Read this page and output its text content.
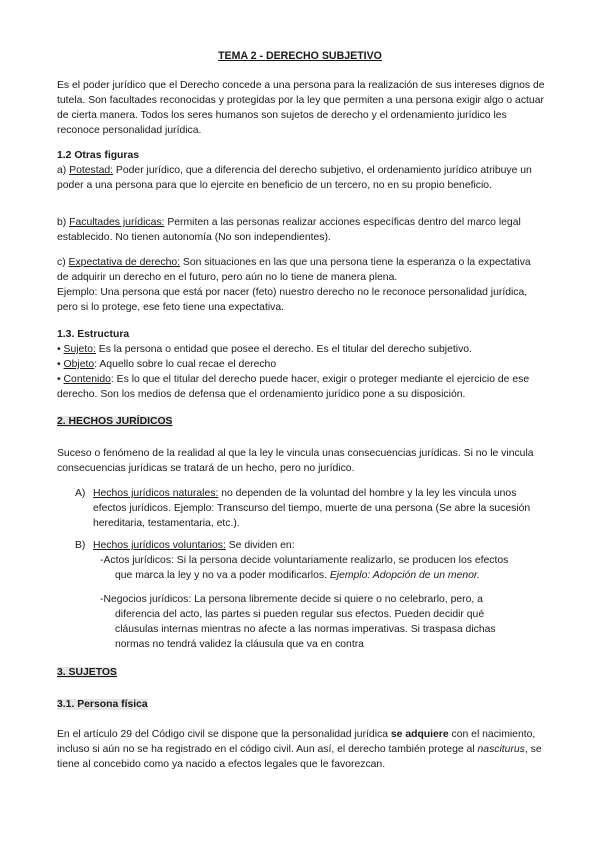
TEMA 2 - DERECHO SUBJETIVO

Es el poder jurídico que el Derecho concede a una persona para la realización de sus intereses dignos de tutela. Son facultades reconocidas y protegidas por la ley que permiten a una persona exigir algo o actuar de cierta manera. Todos los seres humanos son sujetos de derecho y el ordenamiento jurídico les reconoce personalidad jurídica.

1.2 Otras figuras

a) Potestad: Poder jurídico, que a diferencia del derecho subjetivo, el ordenamiento jurídico atribuye un poder a una persona para que lo ejercite en beneficio de un tercero, no en su propio beneficio.

b) Facultades jurídicas: Permiten a las personas realizar acciones específicas dentro del marco legal establecido. No tienen autonomía (No son independientes).

c) Expectativa de derecho: Son situaciones en las que una persona tiene la esperanza o la expectativa de adquirir un derecho en el futuro, pero aún no lo tiene de manera plena.

Ejemplo: Una persona que está por nacer (feto) nuestro derecho no le reconoce personalidad jurídica, pero si lo protege, ese feto tiene una expectativa.

1.3. Estructura

• Sujeto: Es la persona o entidad que posee el derecho. Es el titular del derecho subjetivo.

• Objeto: Aquello sobre lo cual recae el derecho

• Contenido: Es lo que el titular del derecho puede hacer, exigir o proteger mediante el ejercicio de ese derecho. Son los medios de defensa que el ordenamiento jurídico pone a su disposición.

2. HECHOS JURÍDICOS

Suceso o fenómeno de la realidad al que la ley le vincula unas consecuencias jurídicas. Si no le vincula consecuencias jurídicas se tratará de un hecho, pero no jurídico.

A) Hechos jurídicos naturales: no dependen de la voluntad del hombre y la ley les vincula unos efectos jurídicos. Ejemplo: Transcurso del tiempo, muerte de una persona (Se abre la sucesión hereditaria, testamentaria, etc.).
B) Hechos jurídicos voluntarios: Se dividen en:

-Actos jurídicos: Si la persona decide voluntariamente realizarlo, se producen los efectos
que marca la ley y no va a poder modificarlos. Ejemplo: Adopción de un menor.

-Negocios jurídicos: La persona libremente decide si quiere o no celebrarlo, pero, a
diferencia del acto, las partes si pueden regular sus efectos. Pueden decidir qué cláusulas internas mientras no afecte a las normas imperativas. Si traspasa dichas normas no tendrá validez la cláusula que va en contra

3. SUJETOS

3.1. Persona física

En el artículo 29 del Código civil se dispone que la personalidad jurídica se adquiere con el nacimiento, incluso si aún no se ha registrado en el código civil. Aun así, el derecho también protege al nasciturus, se tiene al concebido como ya nacido a efectos legales que le favorezcan.
